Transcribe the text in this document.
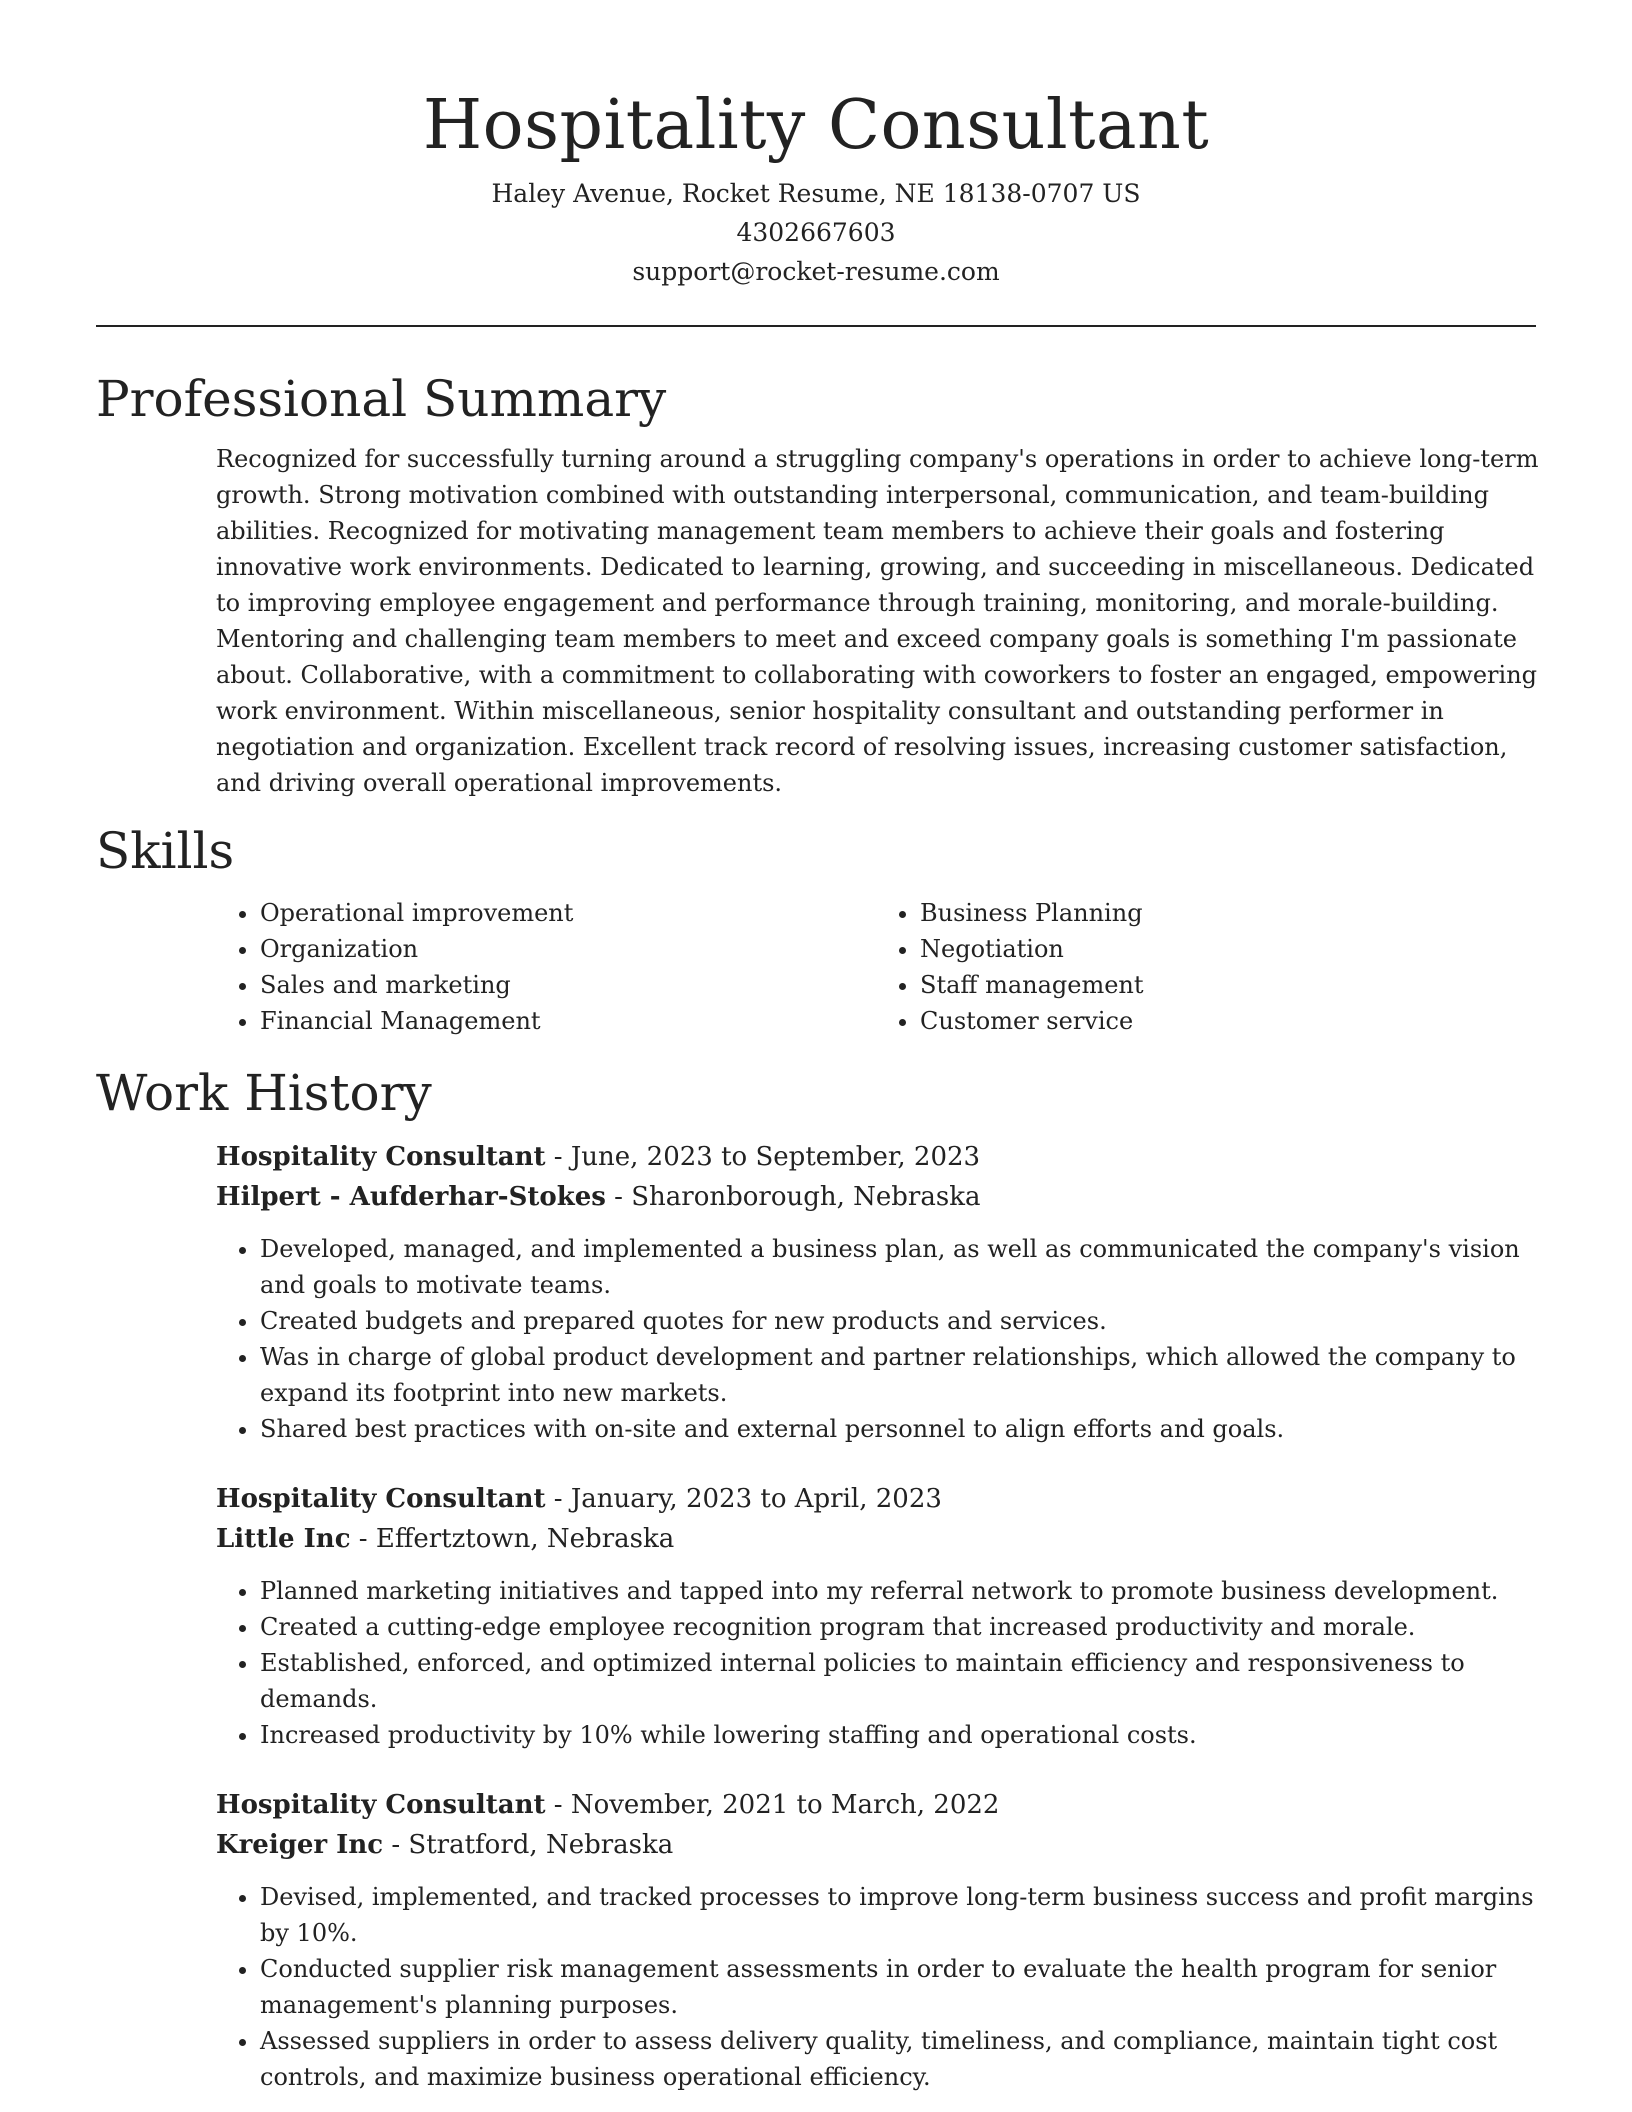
Hospitality Consultant
Haley Avenue, Rocket Resume, NE 18138-0707 US
4302667603
support@rocket-resume.com
Professional Summary

Recognized for successfully turning around a struggling company's operations in order to achieve long-term growth. Strong motivation combined with outstanding interpersonal, communication, and team-building abilities. Recognized for motivating management team members to achieve their goals and fostering innovative work environments. Dedicated to learning, growing, and succeeding in miscellaneous. Dedicated to improving employee engagement and performance through training, monitoring, and morale-building. Mentoring and challenging team members to meet and exceed company goals is something I'm passionate about. Collaborative, with a commitment to collaborating with coworkers to foster an engaged, empowering work environment. Within miscellaneous, senior hospitality consultant and outstanding performer in negotiation and organization. Excellent track record of resolving issues, increasing customer satisfaction, and driving overall operational improvements.

Skills
• Operational improvement
• Organization
• Sales and marketing
• Financial Management
• Business Planning
• Negotiation
• Staff management
• Customer service
Work History
Hospitality Consultant - June, 2023 to September, 2023
Hilpert - Aufderhar-Stokes - Sharonborough, Nebraska
• Developed, managed, and implemented a business plan, as well as communicated the company's vision and goals to motivate teams.
• Created budgets and prepared quotes for new products and services.
• Was in charge of global product development and partner relationships, which allowed the company to expand its footprint into new markets.
• Shared best practices with on-site and external personnel to align efforts and goals.
Hospitality Consultant - January, 2023 to April, 2023
Little Inc - Effertztown, Nebraska
• Planned marketing initiatives and tapped into my referral network to promote business development.
• Created a cutting-edge employee recognition program that increased productivity and morale.
• Established, enforced, and optimized internal policies to maintain efficiency and responsiveness to demands.
• Increased productivity by 10% while lowering staffing and operational costs.
Hospitality Consultant - November, 2021 to March, 2022
Kreiger Inc - Stratford, Nebraska
• Devised, implemented, and tracked processes to improve long-term business success and profit margins by 10%.
• Conducted supplier risk management assessments in order to evaluate the health program for senior management's planning purposes.
• Assessed suppliers in order to assess delivery quality, timeliness, and compliance, maintain tight cost controls, and maximize business operational efficiency.
